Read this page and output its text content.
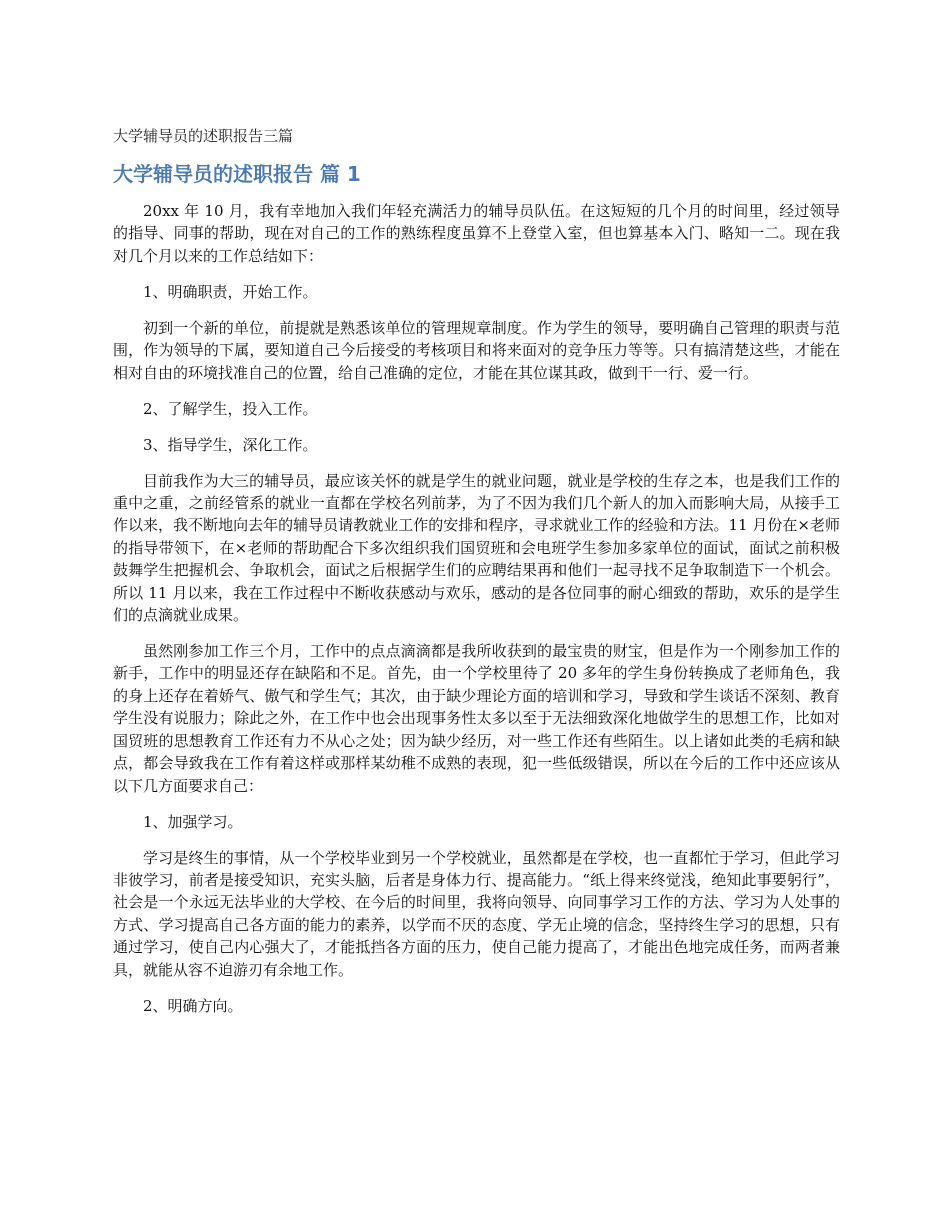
大学辅导员的述职报告三篇
大学辅导员的述职报告 篇 1

20xx 年 10 月，我有幸地加入我们年轻充满活力的辅导员队伍。在这短短的几个月的时间里，经过领导的指导、同事的帮助，现在对自己的工作的熟练程度虽算不上登堂入室，但也算基本入门、略知一二。现在我对几个月以来的工作总结如下：

1、明确职责，开始工作。

初到一个新的单位，前提就是熟悉该单位的管理规章制度。作为学生的领导，要明确自己管理的职责与范围，作为领导的下属，要知道自己今后接受的考核项目和将来面对的竞争压力等等。只有搞清楚这些，才能在相对自由的环境找准自己的位置，给自己准确的定位，才能在其位谋其政，做到干一行、爱一行。

2、了解学生，投入工作。

3、指导学生，深化工作。

目前我作为大三的辅导员，最应该关怀的就是学生的就业问题，就业是学校的生存之本，也是我们工作的重中之重，之前经管系的就业一直都在学校名列前茅，为了不因为我们几个新人的加入而影响大局，从接手工作以来，我不断地向去年的辅导员请教就业工作的安排和程序，寻求就业工作的经验和方法。11 月份在×老师的指导带领下，在×老师的帮助配合下多次组织我们国贸班和会电班学生参加多家单位的面试，面试之前积极鼓舞学生把握机会、争取机会，面试之后根据学生们的应聘结果再和他们一起寻找不足争取制造下一个机会。所以 11 月以来，我在工作过程中不断收获感动与欢乐，感动的是各位同事的耐心细致的帮助，欢乐的是学生们的点滴就业成果。

虽然刚参加工作三个月，工作中的点点滴滴都是我所收获到的最宝贵的财宝，但是作为一个刚参加工作的新手，工作中的明显还存在缺陷和不足。首先，由一个学校里待了 20 多年的学生身份转换成了老师角色，我的身上还存在着娇气、傲气和学生气；其次，由于缺少理论方面的培训和学习，导致和学生谈话不深刻、教育学生没有说服力；除此之外，在工作中也会出现事务性太多以至于无法细致深化地做学生的思想工作，比如对国贸班的思想教育工作还有力不从心之处；因为缺少经历，对一些工作还有些陌生。以上诸如此类的毛病和缺点，都会导致我在工作有着这样或那样某幼稚不成熟的表现，犯一些低级错误，所以在今后的工作中还应该从以下几方面要求自己：

1、加强学习。

学习是终生的事情，从一个学校毕业到另一个学校就业，虽然都是在学校，也一直都忙于学习，但此学习非彼学习，前者是接受知识，充实头脑，后者是身体力行、提高能力。“纸上得来终觉浅，绝知此事要躬行”，社会是一个永远无法毕业的大学校、在今后的时间里，我将向领导、向同事学习工作的方法、学习为人处事的方式、学习提高自己各方面的能力的素养，以学而不厌的态度、学无止境的信念，坚持终生学习的思想，只有通过学习，使自己内心强大了，才能抵挡各方面的压力，使自己能力提高了，才能出色地完成任务，而两者兼具，就能从容不迫游刃有余地工作。

2、明确方向。
